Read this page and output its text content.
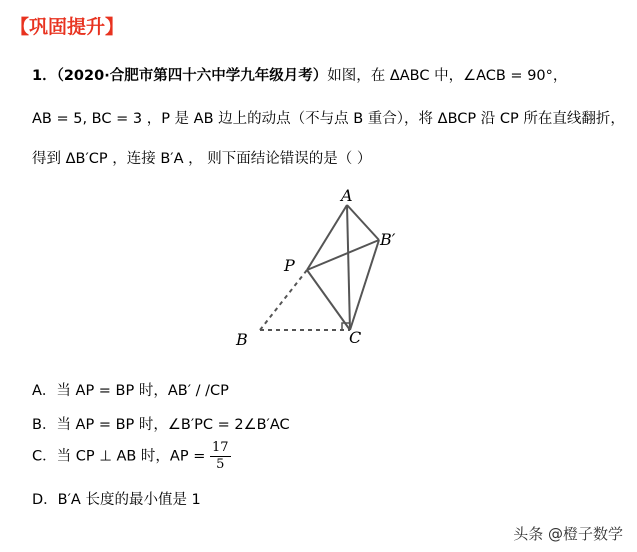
【巩固提升】
1．（2020·合肥市第四十六中学九年级月考）如图，在 ΔABC 中，∠ACB = 90°，
AB = 5, BC = 3 ，P 是 AB 边上的动点（不与点 B 重合），将 ΔBCP 沿 CP 所在直线翻折，
得到 ΔB′CP ，连接 B′A ， 则下面结论错误的是（ ）
A
B′
P
B	C
A．当 AP = BP 时，AB′ / /CP
B．当 AP = BP 时，∠B′PC = 2∠B′AC
C．当 CP ⊥ AB 时，AP = $\frac{17}{5}$
D．B′A 长度的最小值是 1
头条 @橙子数学
